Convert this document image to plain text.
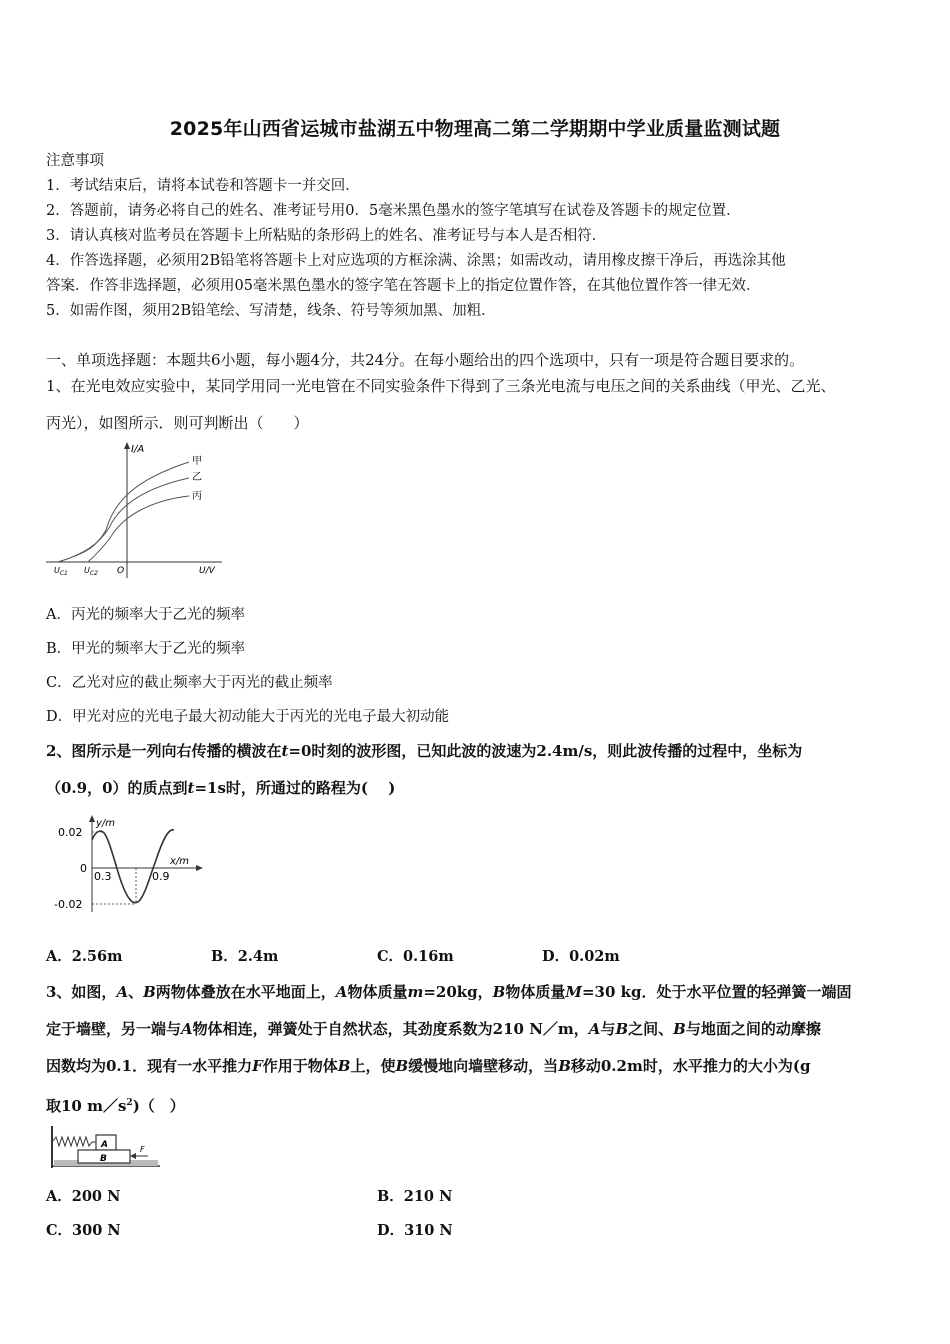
2025年山西省运城市盐湖五中物理高二第二学期期中学业质量监测试题
注意事项
1．考试结束后，请将本试卷和答题卡一并交回．
2．答题前，请务必将自己的姓名、准考证号用0．5毫米黑色墨水的签字笔填写在试卷及答题卡的规定位置．
3．请认真核对监考员在答题卡上所粘贴的条形码上的姓名、准考证号与本人是否相符．
4．作答选择题，必须用2B铅笔将答题卡上对应选项的方框涂满、涂黑；如需改动，请用橡皮擦干净后，再选涂其他
答案．作答非选择题，必须用05毫米黑色墨水的签字笔在答题卡上的指定位置作答，在其他位置作答一律无效．
5．如需作图，须用2B铅笔绘、写清楚，线条、符号等须加黑、加粗．
一、单项选择题：本题共6小题，每小题4分，共24分。在每小题给出的四个选项中，只有一项是符合题目要求的。
1、在光电效应实验中，某同学用同一光电管在不同实验条件下得到了三条光电流与电压之间的关系曲线（甲光、乙光、
丙光），如图所示．则可判断出（　　）
I/A
U/V
O
$U_{C1}$ $U_{C2}$
甲
乙
丙
A．丙光的频率大于乙光的频率
B．甲光的频率大于乙光的频率
C．乙光对应的截止频率大于丙光的截止频率
D．甲光对应的光电子最大初动能大于丙光的光电子最大初动能
2、图所示是一列向右传播的横波在t=0时刻的波形图，已知此波的波速为2.4m/s，则此波传播的过程中，坐标为
（0.9，0）的质点到t=1s时，所通过的路程为(　 )
0.02
0
-0.02
y/m
x/m
0.3	0.9
A．2.56m	B．2.4m	C．0.16m	D．0.02m
3、如图，A、B两物体叠放在水平地面上，A物体质量m=20kg，B物体质量M=30 kg．处于水平位置的轻弹簧一端固
定于墙壁，另一端与A物体相连，弹簧处于自然状态，其劲度系数为210 N／m，A与B之间、B与地面之间的动摩擦
因数均为0.1．现有一水平推力F作用于物体B上，使B缓慢地向墙壁移动，当B移动0.2m时，水平推力的大小为(g
取10 $m/s^2$)（　）
A
B
F
A．200 N	B．210 N
C．300 N	D．310 N
